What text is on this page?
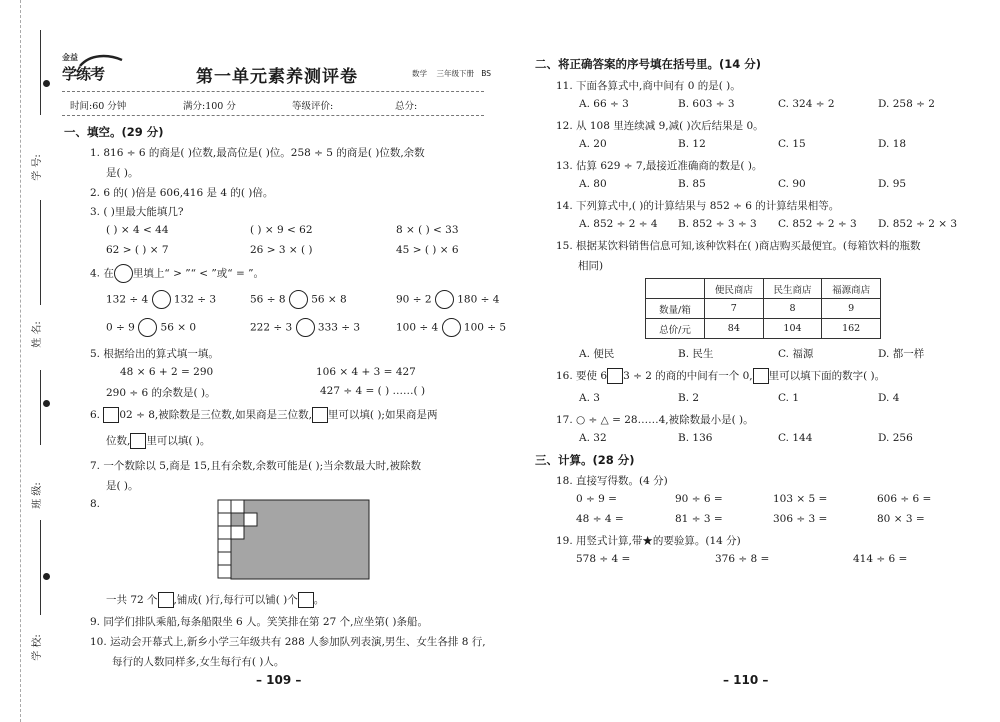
学 号:
姓 名:
班 级:
学 校:
金益
学练考	第一单元素养测评卷	数学 三年级下册 BS
时间:60 分钟	满分:100 分	等级评价:	总分:
一、填空。(29 分)
1. 816 ÷ 6 的商是( )位数,最高位是( )位。258 ÷ 5 的商是( )位数,余数
是( )。
2. 6 的( )倍是 606,416 是 4 的( )倍。
3. ( )里最大能填几?
( ) × 4 < 44	( ) × 9 < 62	8 × ( ) < 33
62 > ( ) × 7	26 > 3 × ( )	45 > ( ) × 6
4. 在 里填上“ > ”“ < ”或“ = ”。
132 ÷ 4 132 ÷ 3	56 ÷ 8 56 × 8	90 ÷ 2 180 ÷ 4
0 ÷ 9 56 × 0	222 ÷ 3 333 ÷ 3	100 ÷ 4 100 ÷ 5
5. 根据给出的算式填一填。
48 × 6 + 2 = 290	106 × 4 + 3 = 427
290 ÷ 6 的余数是( )。	427 ÷ 4 = ( ) ……( )
6. 02 ÷ 8,被除数是三位数,如果商是三位数, 里可以填( );如果商是两
位数, 里可以填( )。
7. 一个数除以 5,商是 15,且有余数,余数可能是( );当余数最大时,被除数
是( )。
8.
一共 72 个 ,铺成( )行,每行可以铺( )个 。
9. 同学们排队乘船,每条船限坐 6 人。笑笑排在第 27 个,应坐第( )条船。
10. 运动会开幕式上,新乡小学三年级共有 288 人参加队列表演,男生、女生各排 8 行,
每行的人数同样多,女生每行有( )人。
– 109 –
二、将正确答案的序号填在括号里。(14 分)
11. 下面各算式中,商中间有 0 的是( )。
A. 66 ÷ 3	B. 603 ÷ 3	C. 324 ÷ 2	D. 258 ÷ 2
12. 从 108 里连续减 9,减( )次后结果是 0。
A. 20	B. 12	C. 15	D. 18
13. 估算 629 ÷ 7,最接近准确商的数是( )。
A. 80	B. 85	C. 90	D. 95
14. 下列算式中,( )的计算结果与 852 ÷ 6 的计算结果相等。
A. 852 ÷ 2 ÷ 4 B. 852 ÷ 3 ÷ 3 C. 852 ÷ 2 ÷ 3 D. 852 ÷ 2 × 3
15. 根据某饮料销售信息可知,该种饮料在( )商店购买最便宜。(每箱饮料的瓶数
相同)
	便民商店	民生商店	福源商店
数量/箱	7	8	9
总价/元	84	104	162
A. 便民	B. 民生	C. 福源	D. 都一样
16. 要使 6 3 ÷ 2 的商的中间有一个 0, 里可以填下面的数字( )。
A. 3	B. 2	C. 1	D. 4
17. ○ ÷ △ = 28……4,被除数最小是( )。
A. 32	B. 136	C. 144	D. 256
三、计算。(28 分)
18. 直接写得数。(4 分)
0 ÷ 9 =	90 ÷ 6 =	103 × 5 =	606 ÷ 6 =
48 ÷ 4 =	81 ÷ 3 =	306 ÷ 3 =	80 × 3 =
19. 用竖式计算,带★的要验算。(14 分)
578 ÷ 4 =	376 ÷ 8 =	414 ÷ 6 =
– 110 –
